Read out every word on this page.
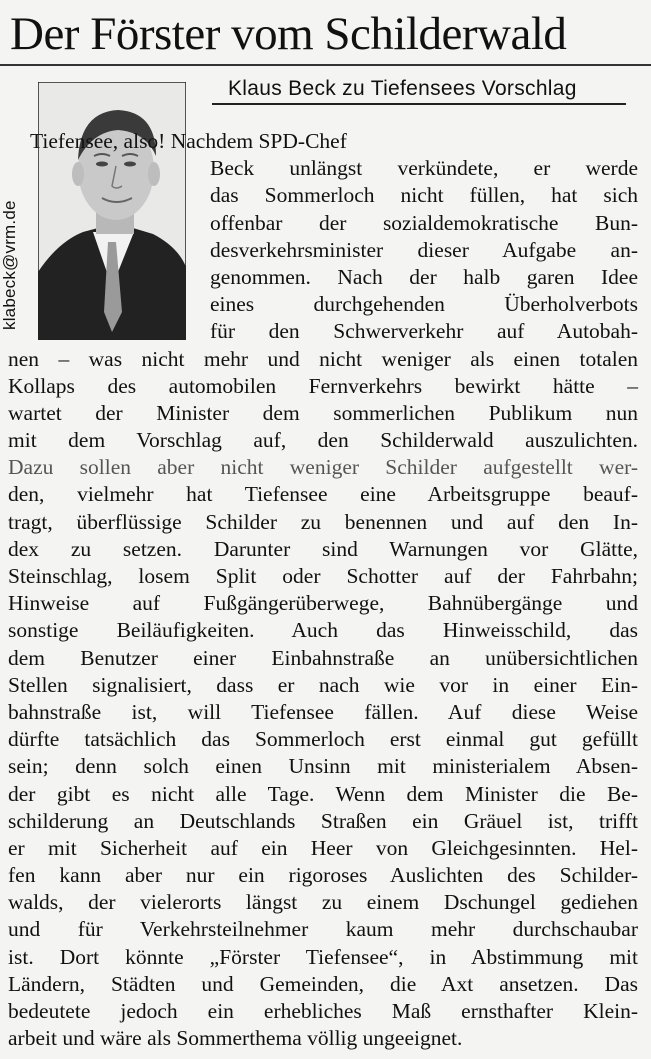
Der Förster vom Schilderwald
Klaus Beck zu Tiefensees Vorschlag
klabeck@vrm.de
Tiefensee, also! Nachdem SPD-Chef
Beck unlängst verkündete, er werde
das Sommerloch nicht füllen, hat sich
offenbar der sozialdemokratische Bun-
desverkehrsminister dieser Aufgabe an-
genommen. Nach der halb garen Idee
eines durchgehenden Überholverbots
für den Schwerverkehr auf Autobah-
nen – was nicht mehr und nicht weniger als einen totalen
Kollaps des automobilen Fernverkehrs bewirkt hätte –
wartet der Minister dem sommerlichen Publikum nun
mit dem Vorschlag auf, den Schilderwald auszulichten.
Dazu sollen aber nicht weniger Schilder aufgestellt wer-
den, vielmehr hat Tiefensee eine Arbeitsgruppe beauf-
tragt, überflüssige Schilder zu benennen und auf den In-
dex zu setzen. Darunter sind Warnungen vor Glätte,
Steinschlag, losem Split oder Schotter auf der Fahrbahn;
Hinweise auf Fußgängerüberwege, Bahnübergänge und
sonstige Beiläufigkeiten. Auch das Hinweisschild, das
dem Benutzer einer Einbahnstraße an unübersichtlichen
Stellen signalisiert, dass er nach wie vor in einer Ein-
bahnstraße ist, will Tiefensee fällen. Auf diese Weise
dürfte tatsächlich das Sommerloch erst einmal gut gefüllt
sein; denn solch einen Unsinn mit ministerialem Absen-
der gibt es nicht alle Tage. Wenn dem Minister die Be-
schilderung an Deutschlands Straßen ein Gräuel ist, trifft
er mit Sicherheit auf ein Heer von Gleichgesinnten. Hel-
fen kann aber nur ein rigoroses Auslichten des Schilder-
walds, der vielerorts längst zu einem Dschungel gediehen
und für Verkehrsteilnehmer kaum mehr durchschaubar
ist. Dort könnte „Förster Tiefensee“, in Abstimmung mit
Ländern, Städten und Gemeinden, die Axt ansetzen. Das
bedeutete jedoch ein erhebliches Maß ernsthafter Klein-
arbeit und wäre als Sommerthema völlig ungeeignet.
